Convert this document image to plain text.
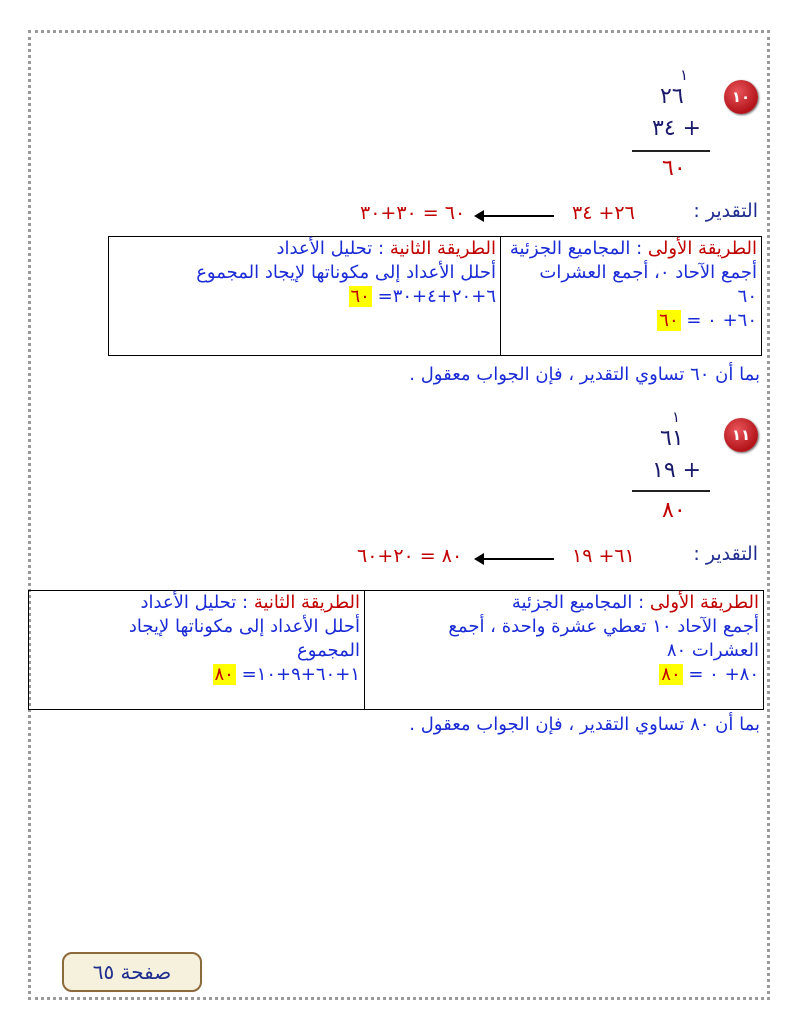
١٠
١
٢٦
٣٤ +
٦٠
التقدير :
٢٦+ ٣٤
٦٠ = ٣٠+٣٠
الطريقة الأولى : المجاميع الجزئية
أجمع الآحاد ٠، أجمع العشرات
٦٠
٦٠+ ٠ = ٦٠

الطريقة الثانية : تحليل الأعداد
أحلل الأعداد إلى مكوناتها لإيجاد المجموع
٦+٢٠+٤+٣٠= ٦٠
بما أن ٦٠ تساوي التقدير ، فإن الجواب معقول .
١١
١
٦١
١٩ +
٨٠
التقدير :
٦١+ ١٩
٨٠ = ٢٠+٦٠
الطريقة الأولى : المجاميع الجزئية
أجمع الآحاد ١٠ تعطي عشرة واحدة ، أجمع
العشرات ٨٠
٨٠+ ٠ = ٨٠

الطريقة الثانية : تحليل الأعداد
أحلل الأعداد إلى مكوناتها لإيجاد
المجموع
١+٦٠+٩+١٠= ٨٠
بما أن ٨٠ تساوي التقدير ، فإن الجواب معقول .
صفحة ٦٥
